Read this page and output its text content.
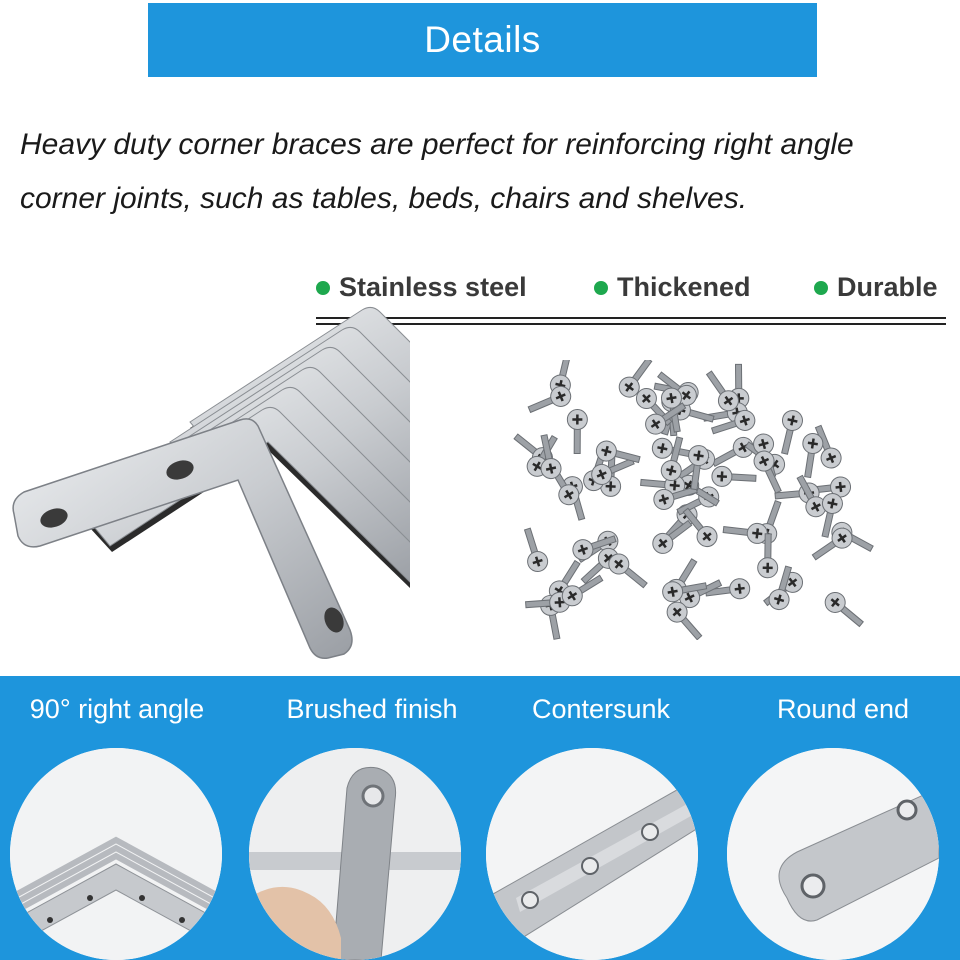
Details
Heavy duty corner braces are perfect for reinforcing right angle
corner joints, such as tables, beds, chairs and shelves.
Stainless steel	Thickened	Durable
90° right angle	Brushed finish	Contersunk	Round end
